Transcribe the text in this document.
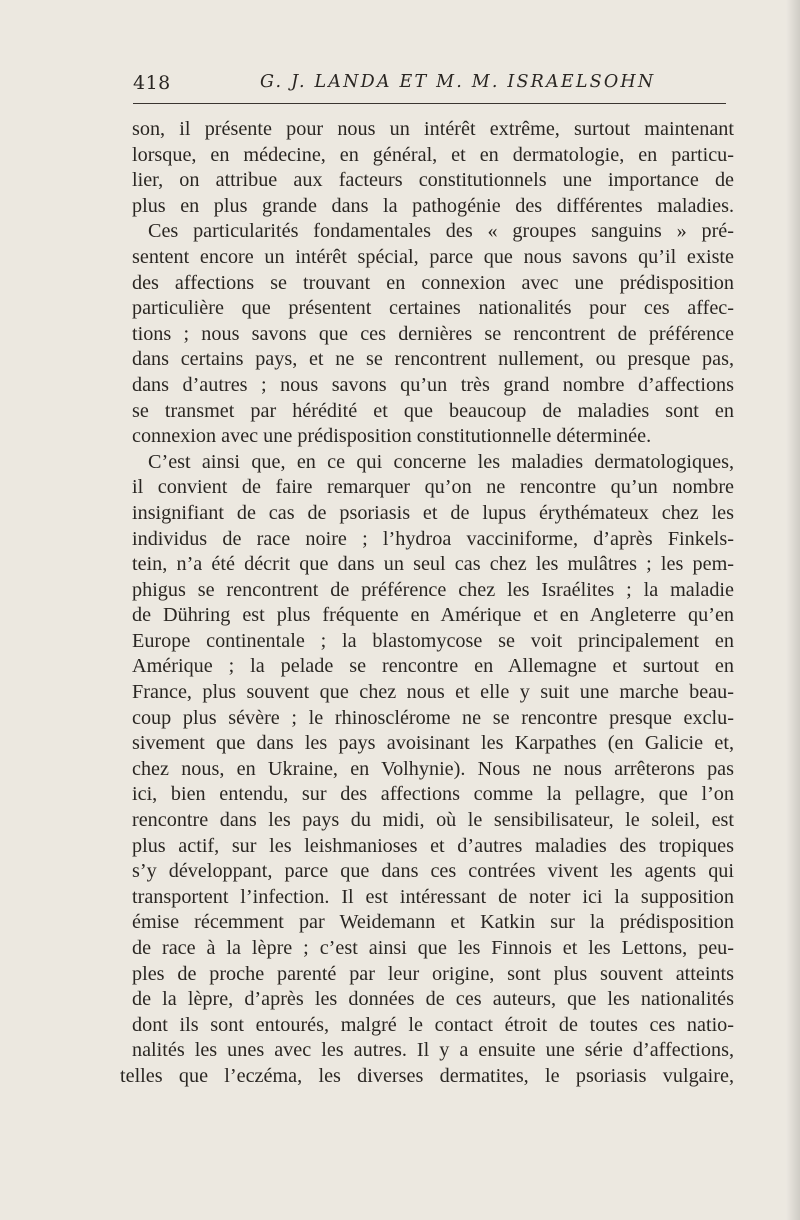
418	G. J. LANDA ET M. M. ISRAELSOHN
son, il présente pour nous un intérêt extrême, surtout maintenant
lorsque, en médecine, en général, et en dermatologie, en particu-
lier, on attribue aux facteurs constitutionnels une importance de
plus en plus grande dans la pathogénie des différentes maladies.
Ces particularités fondamentales des « groupes sanguins » pré-
sentent encore un intérêt spécial, parce que nous savons qu’il existe
des affections se trouvant en connexion avec une prédisposition
particulière que présentent certaines nationalités pour ces affec-
tions ; nous savons que ces dernières se rencontrent de préférence
dans certains pays, et ne se rencontrent nullement, ou presque pas,
dans d’autres ; nous savons qu’un très grand nombre d’affections
se transmet par hérédité et que beaucoup de maladies sont en
connexion avec une prédisposition constitutionnelle déterminée.
C’est ainsi que, en ce qui concerne les maladies dermatologiques,
il convient de faire remarquer qu’on ne rencontre qu’un nombre
insignifiant de cas de psoriasis et de lupus érythémateux chez les
individus de race noire ; l’hydroa vacciniforme, d’après Finkels-
tein, n’a été décrit que dans un seul cas chez les mulâtres ; les pem-
phigus se rencontrent de préférence chez les Israélites ; la maladie
de Dühring est plus fréquente en Amérique et en Angleterre qu’en
Europe continentale ; la blastomycose se voit principalement en
Amérique ; la pelade se rencontre en Allemagne et surtout en
France, plus souvent que chez nous et elle y suit une marche beau-
coup plus sévère ; le rhinosclérome ne se rencontre presque exclu-
sivement que dans les pays avoisinant les Karpathes (en Galicie et,
chez nous, en Ukraine, en Volhynie). Nous ne nous arrêterons pas
ici, bien entendu, sur des affections comme la pellagre, que l’on
rencontre dans les pays du midi, où le sensibilisateur, le soleil, est
plus actif, sur les leishmanioses et d’autres maladies des tropiques
s’y développant, parce que dans ces contrées vivent les agents qui
transportent l’infection. Il est intéressant de noter ici la supposition
émise récemment par Weidemann et Katkin sur la prédisposition
de race à la lèpre ; c’est ainsi que les Finnois et les Lettons, peu-
ples de proche parenté par leur origine, sont plus souvent atteints
de la lèpre, d’après les données de ces auteurs, que les nationalités
dont ils sont entourés, malgré le contact étroit de toutes ces natio-
nalités les unes avec les autres. Il y a ensuite une série d’affections,
telles que l’eczéma, les diverses dermatites, le psoriasis vulgaire,
